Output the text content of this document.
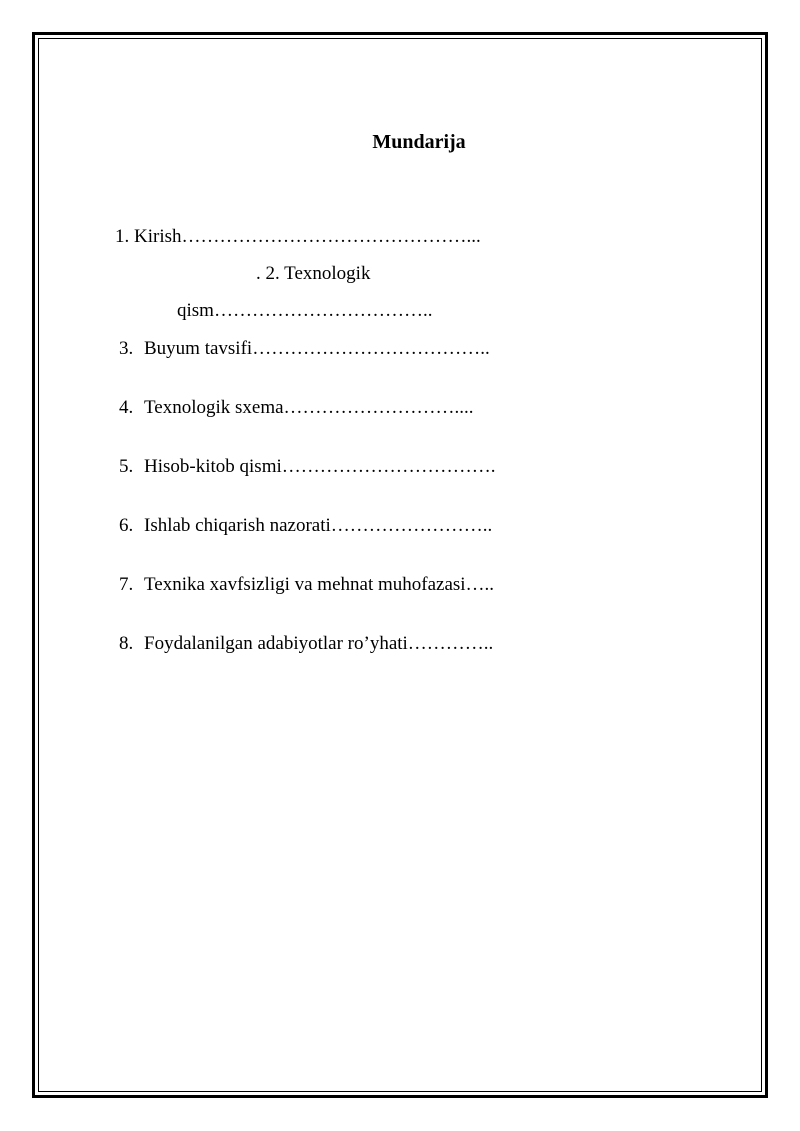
Mundarija
1. Kirish………………………………………...
. 2. Texnologik
qism……………………………..
3. Buyum tavsifi………………………………..
4. Texnologik sxema………………………....
5. Hisob-kitob qismi…………………………….
6. Ishlab chiqarish nazorati……………………..
7. Texnika xavfsizligi va mehnat muhofazasi…..
8. Foydalanilgan adabiyotlar ro’yhati…………..
